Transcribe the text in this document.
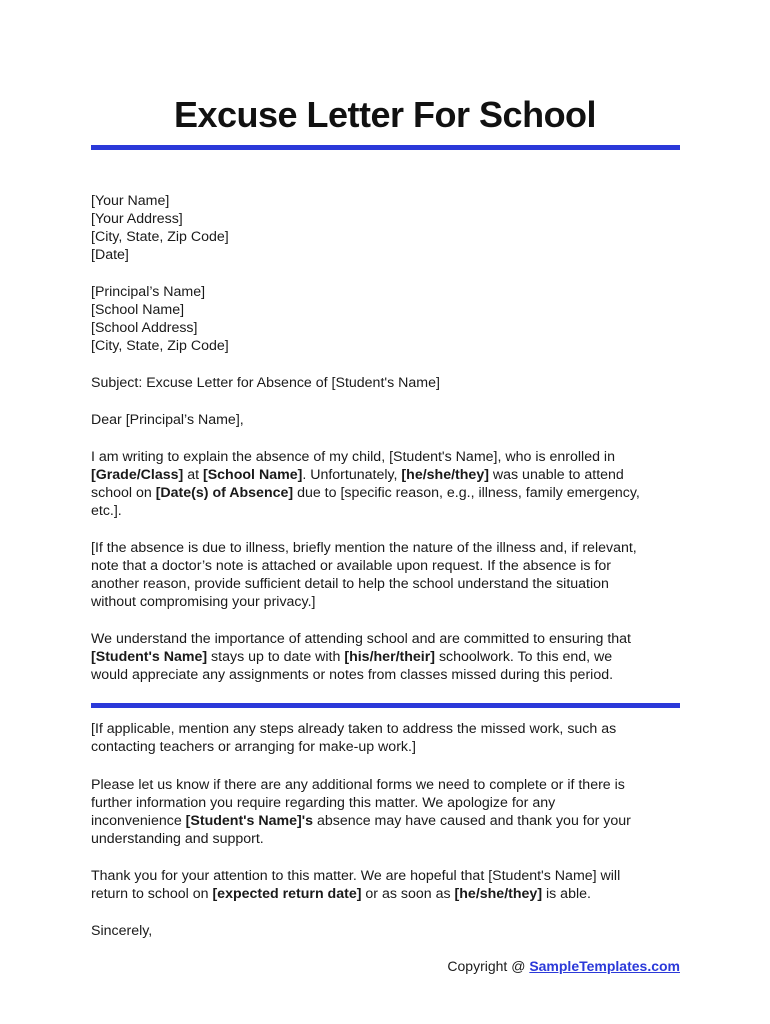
Excuse Letter For School
[Your Name]
[Your Address]
[City, State, Zip Code]
[Date]
[Principal’s Name]
[School Name]
[School Address]
[City, State, Zip Code]
Subject: Excuse Letter for Absence of [Student's Name]
Dear [Principal’s Name],
I am writing to explain the absence of my child, [Student's Name], who is enrolled in
[Grade/Class] at [School Name]. Unfortunately, [he/she/they] was unable to attend
school on [Date(s) of Absence] due to [specific reason, e.g., illness, family emergency,
etc.].
[If the absence is due to illness, briefly mention the nature of the illness and, if relevant,
note that a doctor’s note is attached or available upon request. If the absence is for
another reason, provide sufficient detail to help the school understand the situation
without compromising your privacy.]
We understand the importance of attending school and are committed to ensuring that
[Student's Name] stays up to date with [his/her/their] schoolwork. To this end, we
would appreciate any assignments or notes from classes missed during this period.
[If applicable, mention any steps already taken to address the missed work, such as
contacting teachers or arranging for make-up work.]
Please let us know if there are any additional forms we need to complete or if there is
further information you require regarding this matter. We apologize for any
inconvenience [Student's Name]'s absence may have caused and thank you for your
understanding and support.
Thank you for your attention to this matter. We are hopeful that [Student's Name] will
return to school on [expected return date] or as soon as [he/she/they] is able.
Sincerely,
Copyright @ SampleTemplates.com
